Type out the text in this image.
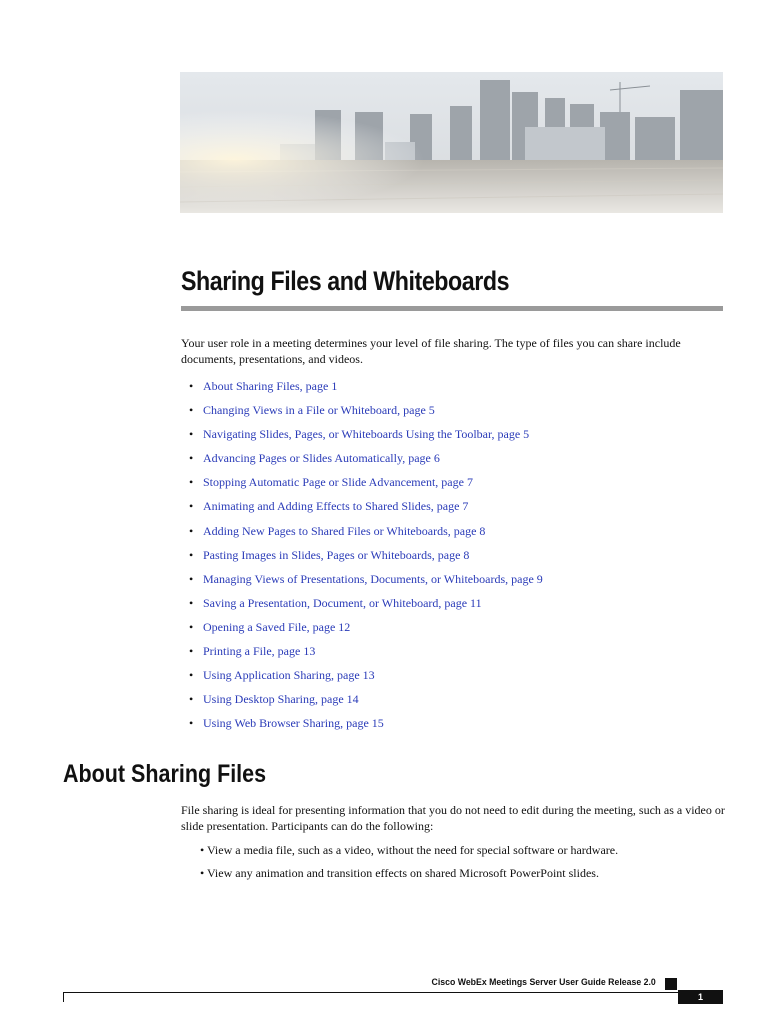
Sharing Files and Whiteboards
Your user role in a meeting determines your level of file sharing. The type of files you can share include documents, presentations, and videos.
• About Sharing Files, page 1
• Changing Views in a File or Whiteboard, page 5
• Navigating Slides, Pages, or Whiteboards Using the Toolbar, page 5
• Advancing Pages or Slides Automatically, page 6
• Stopping Automatic Page or Slide Advancement, page 7
• Animating and Adding Effects to Shared Slides, page 7
• Adding New Pages to Shared Files or Whiteboards, page 8
• Pasting Images in Slides, Pages or Whiteboards, page 8
• Managing Views of Presentations, Documents, or Whiteboards, page 9
• Saving a Presentation, Document, or Whiteboard, page 11
• Opening a Saved File, page 12
• Printing a File, page 13
• Using Application Sharing, page 13
• Using Desktop Sharing, page 14
• Using Web Browser Sharing, page 15
About Sharing Files
File sharing is ideal for presenting information that you do not need to edit during the meeting, such as a video or slide presentation. Participants can do the following:
• View a media file, such as a video, without the need for special software or hardware.
• View any animation and transition effects on shared Microsoft PowerPoint slides.
Cisco WebEx Meetings Server User Guide Release 2.0
1
